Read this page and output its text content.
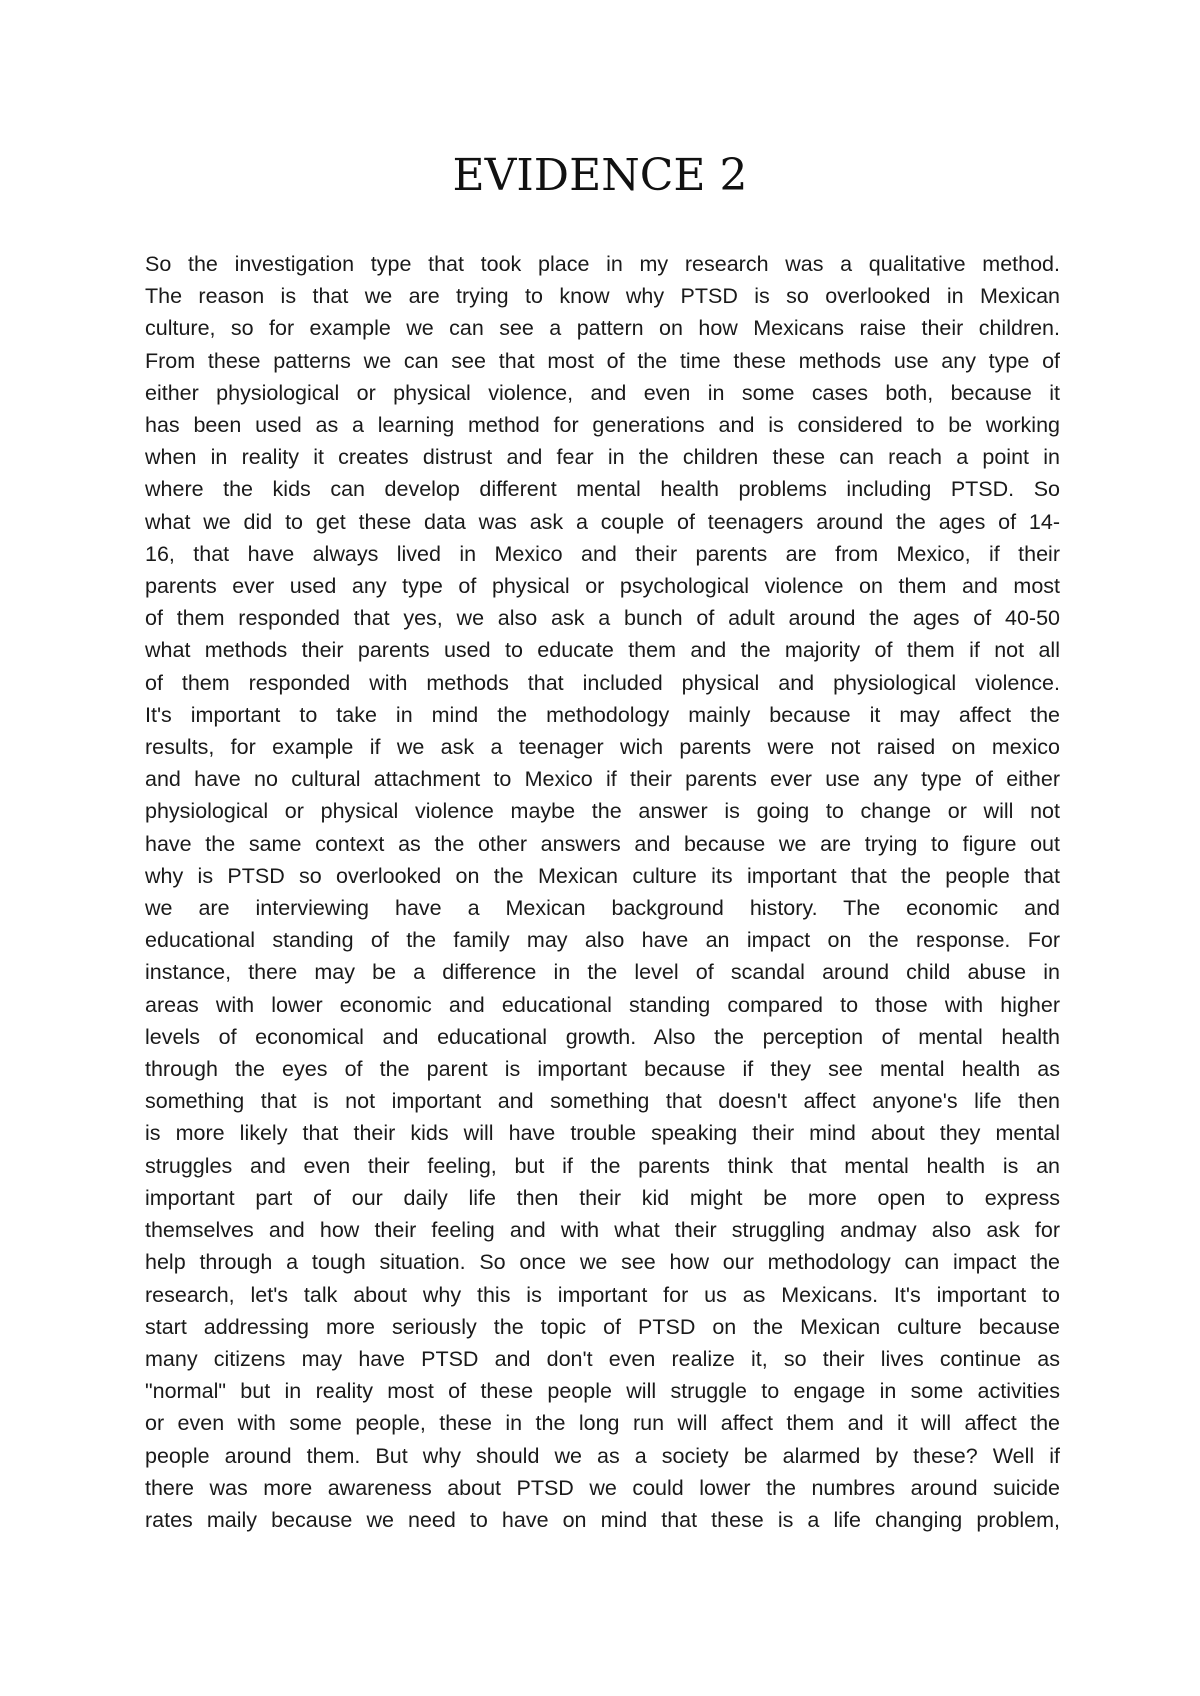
EVIDENCE 2
So the investigation type that took place in my research was a qualitative method.
The reason is that we are trying to know why PTSD is so overlooked in Mexican
culture, so for example we can see a pattern on how Mexicans raise their children.
From these patterns we can see that most of the time these methods use any type of
either physiological or physical violence, and even in some cases both, because it
has been used as a learning method for generations and is considered to be working
when in reality it creates distrust and fear in the children these can reach a point in
where the kids can develop different mental health problems including PTSD. So
what we did to get these data was ask a couple of teenagers around the ages of 14-
16, that have always lived in Mexico and their parents are from Mexico, if their
parents ever used any type of physical or psychological violence on them and most
of them responded that yes, we also ask a bunch of adult around the ages of 40-50
what methods their parents used to educate them and the majority of them if not all
of them responded with methods that included physical and physiological violence.
It's important to take in mind the methodology mainly because it may affect the
results, for example if we ask a teenager wich parents were not raised on mexico
and have no cultural attachment to Mexico if their parents ever use any type of either
physiological or physical violence maybe the answer is going to change or will not
have the same context as the other answers and because we are trying to figure out
why is PTSD so overlooked on the Mexican culture its important that the people that
we are interviewing have a Mexican background history. The economic and
educational standing of the family may also have an impact on the response. For
instance, there may be a difference in the level of scandal around child abuse in
areas with lower economic and educational standing compared to those with higher
levels of economical and educational growth. Also the perception of mental health
through the eyes of the parent is important because if they see mental health as
something that is not important and something that doesn't affect anyone's life then
is more likely that their kids will have trouble speaking their mind about they mental
struggles and even their feeling, but if the parents think that mental health is an
important part of our daily life then their kid might be more open to express
themselves and how their feeling and with what their struggling andmay also ask for
help through a tough situation. So once we see how our methodology can impact the
research, let's talk about why this is important for us as Mexicans. It's important to
start addressing more seriously the topic of PTSD on the Mexican culture because
many citizens may have PTSD and don't even realize it, so their lives continue as
"normal" but in reality most of these people will struggle to engage in some activities
or even with some people, these in the long run will affect them and it will affect the
people around them. But why should we as a society be alarmed by these? Well if
there was more awareness about PTSD we could lower the numbres around suicide
rates maily because we need to have on mind that these is a life changing problem,
